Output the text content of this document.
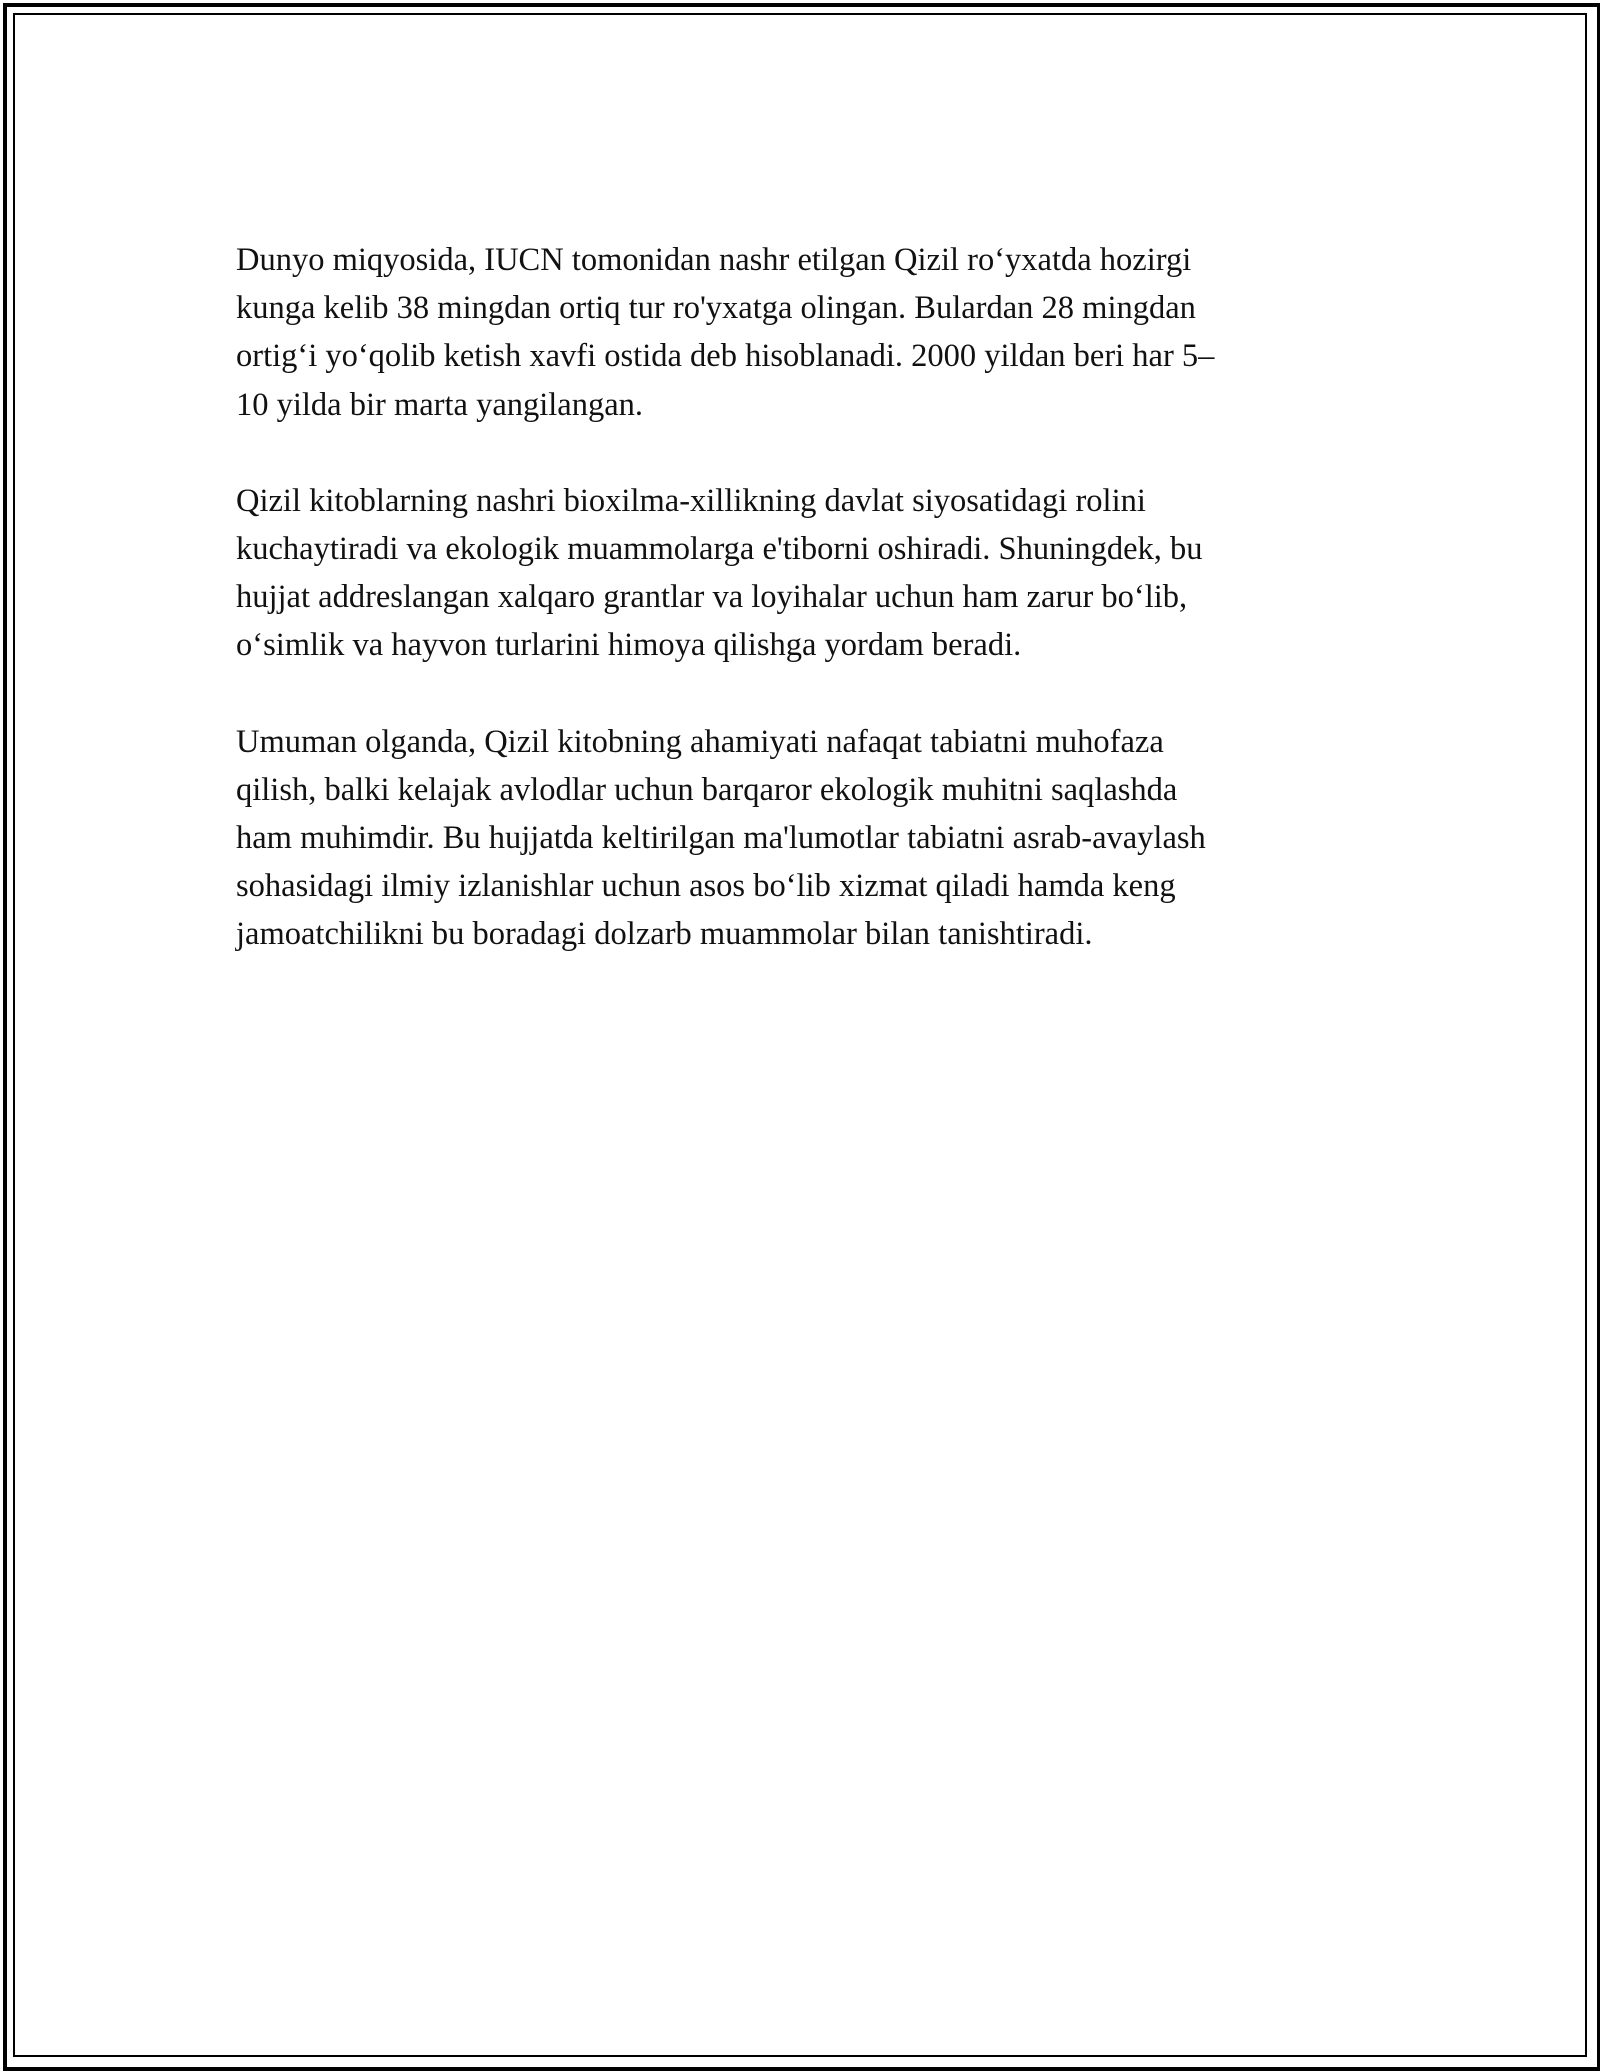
Dunyo miqyosida, IUCN tomonidan nashr etilgan Qizil roʻyxatda hozirgi
kunga kelib 38 mingdan ortiq tur ro'yxatga olingan. Bulardan 28 mingdan
ortigʻi yoʻqolib ketish xavfi ostida deb hisoblanadi. 2000 yildan beri har 5–
10 yilda bir marta yangilangan.

Qizil kitoblarning nashri bioxilma-xillikning davlat siyosatidagi rolini
kuchaytiradi va ekologik muammolarga e'tiborni oshiradi. Shuningdek, bu
hujjat addreslangan xalqaro grantlar va loyihalar uchun ham zarur boʻlib,
oʻsimlik va hayvon turlarini himoya qilishga yordam beradi.

Umuman olganda, Qizil kitobning ahamiyati nafaqat tabiatni muhofaza
qilish, balki kelajak avlodlar uchun barqaror ekologik muhitni saqlashda
ham muhimdir. Bu hujjatda keltirilgan ma'lumotlar tabiatni asrab-avaylash
sohasidagi ilmiy izlanishlar uchun asos boʻlib xizmat qiladi hamda keng
jamoatchilikni bu boradagi dolzarb muammolar bilan tanishtiradi.
